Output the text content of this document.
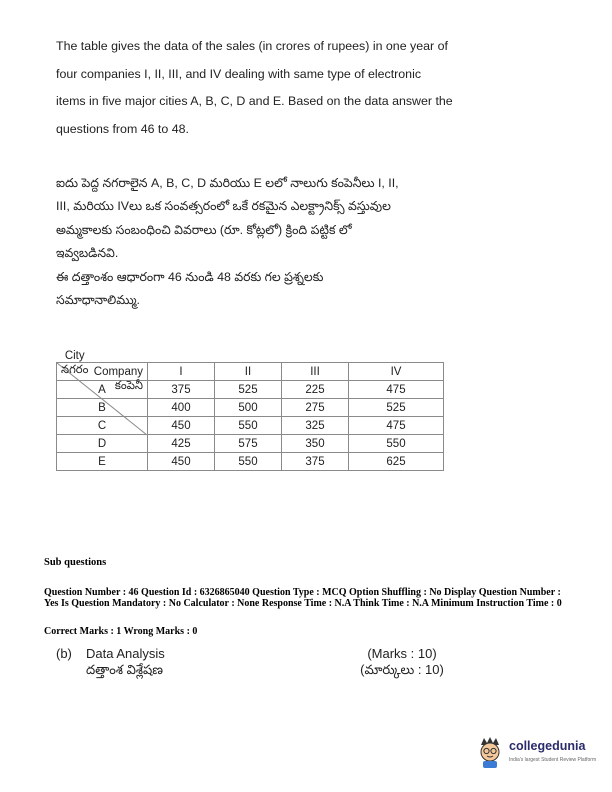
The table gives the data of the sales (in crores of rupees) in one year of

four companies I, II, III, and IV dealing with same type of electronic

items in five major cities A, B, C, D and E. Based on the data answer the

questions from 46 to 48.

ఐదు పెద్ద నగరాలైన A, B, C, D మరియు E లలో నాలుగు కంపెనీలు I, II,

III, మరియు IVలు ఒక సంవత్సరంలో ఒకే రకమైన ఎలక్ట్రానిక్స్ వస్తువుల

అమ్మకాలకు సంబంధించి వివరాలు (రూ. కోట్లలో) క్రింది పట్టిక లో

ఇవ్వబడినవి.

ఈ దత్తాంశం ఆధారంగా 46 నుండి 48 వరకు గల ప్రశ్నలకు

సమాధానాలిమ్ము.

Company
కంపెనీ
City
నగరం	I	II	III	IV
A	375	525	225	475
B	400	500	275	525
C	450	550	325	475
D	425	575	350	550
E	450	550	375	625
Sub questions
Question Number : 46 Question Id : 6326865040 Question Type : MCQ Option Shuffling : No Display Question Number : Yes Is Question Mandatory : No Calculator : None Response Time : N.A Think Time : N.A Minimum Instruction Time : 0
Correct Marks : 1 Wrong Marks : 0
(b) Data Analysis
దత్తాంశ విశ్లేషణ
(Marks : 10)
(మార్కులు : 10)
collegedunia
India's largest Student Review Platform
